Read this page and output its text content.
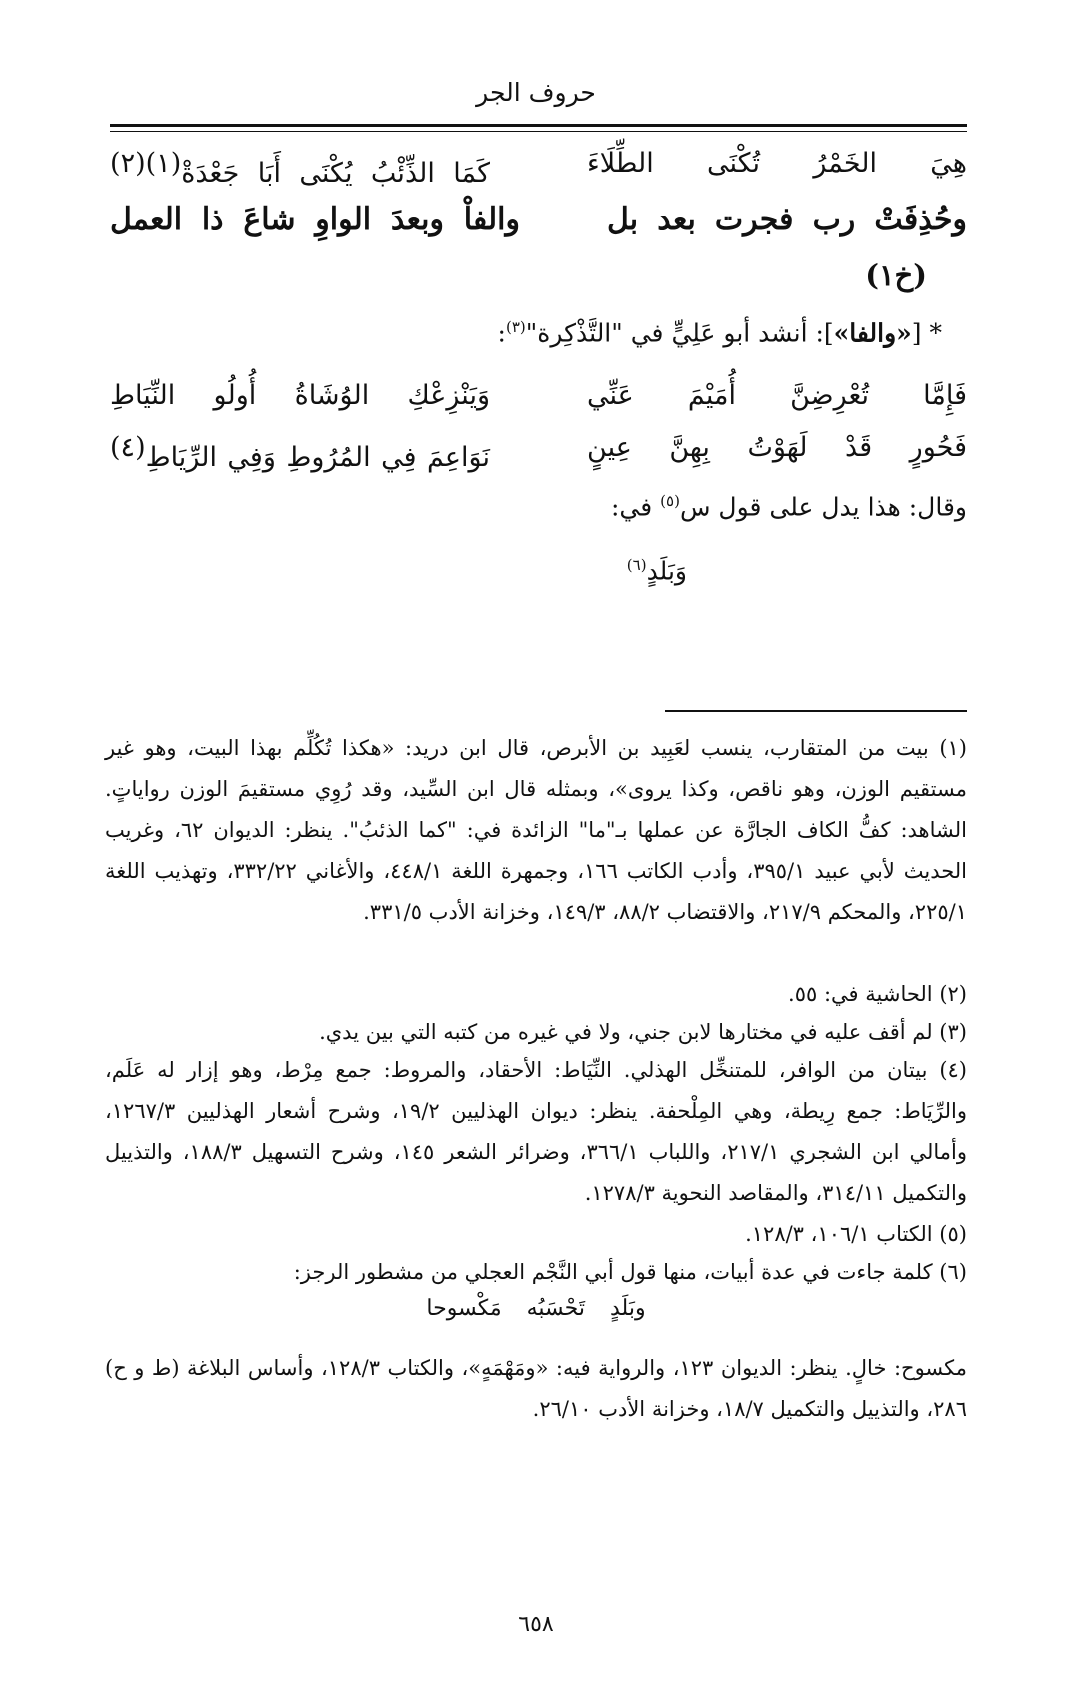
حروف الجر
هِيَ
الخَمْرُ
تُكْنَى
الطِّلَاءَ
كَمَا
الذِّئْبُ
يُكْنَى
أَبَا
جَعْدَةْ(١)(٢)
وحُذِفَتْ
رب
فجرت
بعد
بل
والفاْ
وبعدَ
الواوِ
شاعَ
ذا
العمل
(خ١)
* [«والفا»]: أنشد أبو عَلِيٍّ في "التَّذْكِرة"$^{(٣)}$:
فَإِمَّا
تُعْرِضِنَّ
أُمَيْمَ
عَنِّي
وَيَنْزِعْكِ
الوُشَاةُ
أُولُو
النِّيَاطِ
فَحُورٍ
قَدْ
لَهَوْتُ
بِهِنَّ
عِينٍ
نَوَاعِمَ
فِي
المُرُوطِ
وَفِي
الرِّيَاطِ(٤)
وقال: هذا يدل على قول س$^{(٥)}$ في:
وَبَلَدٍ$^{(٦)}$
(١) بيت من المتقارب، ينسب لعَبِيد بن الأبرص، قال ابن دريد: «هكذا تُكُلِّم بهذا البيت، وهو غير مستقيم الوزن، وهو ناقص، وكذا يروى»، وبمثله قال ابن السِّيد، وقد رُوِي مستقيمَ الوزن رواياتٍ. الشاهد: كفُّ الكاف الجارَّة عن عملها بـ"ما" الزائدة في: "كما الذئبُ". ينظر: الديوان ٦٢، وغريب الحديث لأبي عبيد ٣٩٥/١، وأدب الكاتب ١٦٦، وجمهرة اللغة ٤٤٨/١، والأغاني ٣٣٢/٢٢، وتهذيب اللغة ٢٢٥/١، والمحكم ٢١٧/٩، والاقتضاب ٨٨/٢، ١٤٩/٣، وخزانة الأدب ٣٣١/٥.
(٢) الحاشية في: ٥٥.
(٣) لم أقف عليه في مختارها لابن جني، ولا في غيره من كتبه التي بين يدي.
(٤) بيتان من الوافر، للمتنخِّل الهذلي. النِّيَاط: الأحقاد، والمروط: جمع مِرْط، وهو إزار له عَلَم، والرِّيَاط: جمع رِيطة، وهي المِلْحفة. ينظر: ديوان الهذليين ١٩/٢، وشرح أشعار الهذليين ١٢٦٧/٣، وأمالي ابن الشجري ٢١٧/١، واللباب ٣٦٦/١، وضرائر الشعر ١٤٥، وشرح التسهيل ١٨٨/٣، والتذييل والتكميل ٣١٤/١١، والمقاصد النحوية ١٢٧٨/٣.
(٥) الكتاب ١٠٦/١، ١٢٨/٣.
(٦) كلمة جاءت في عدة أبيات، منها قول أبي النَّجْم العجلي من مشطور الرجز:
وبَلَدٍ تَحْسَبُه مَكْسوحا
مكسوح: خالٍ. ينظر: الديوان ١٢٣، والرواية فيه: «ومَهْمَهٍ»، والكتاب ١٢٨/٣، وأساس البلاغة (ط و ح) ٢٨٦، والتذييل والتكميل ١٨/٧، وخزانة الأدب ٢٦/١٠.
٦٥٨
